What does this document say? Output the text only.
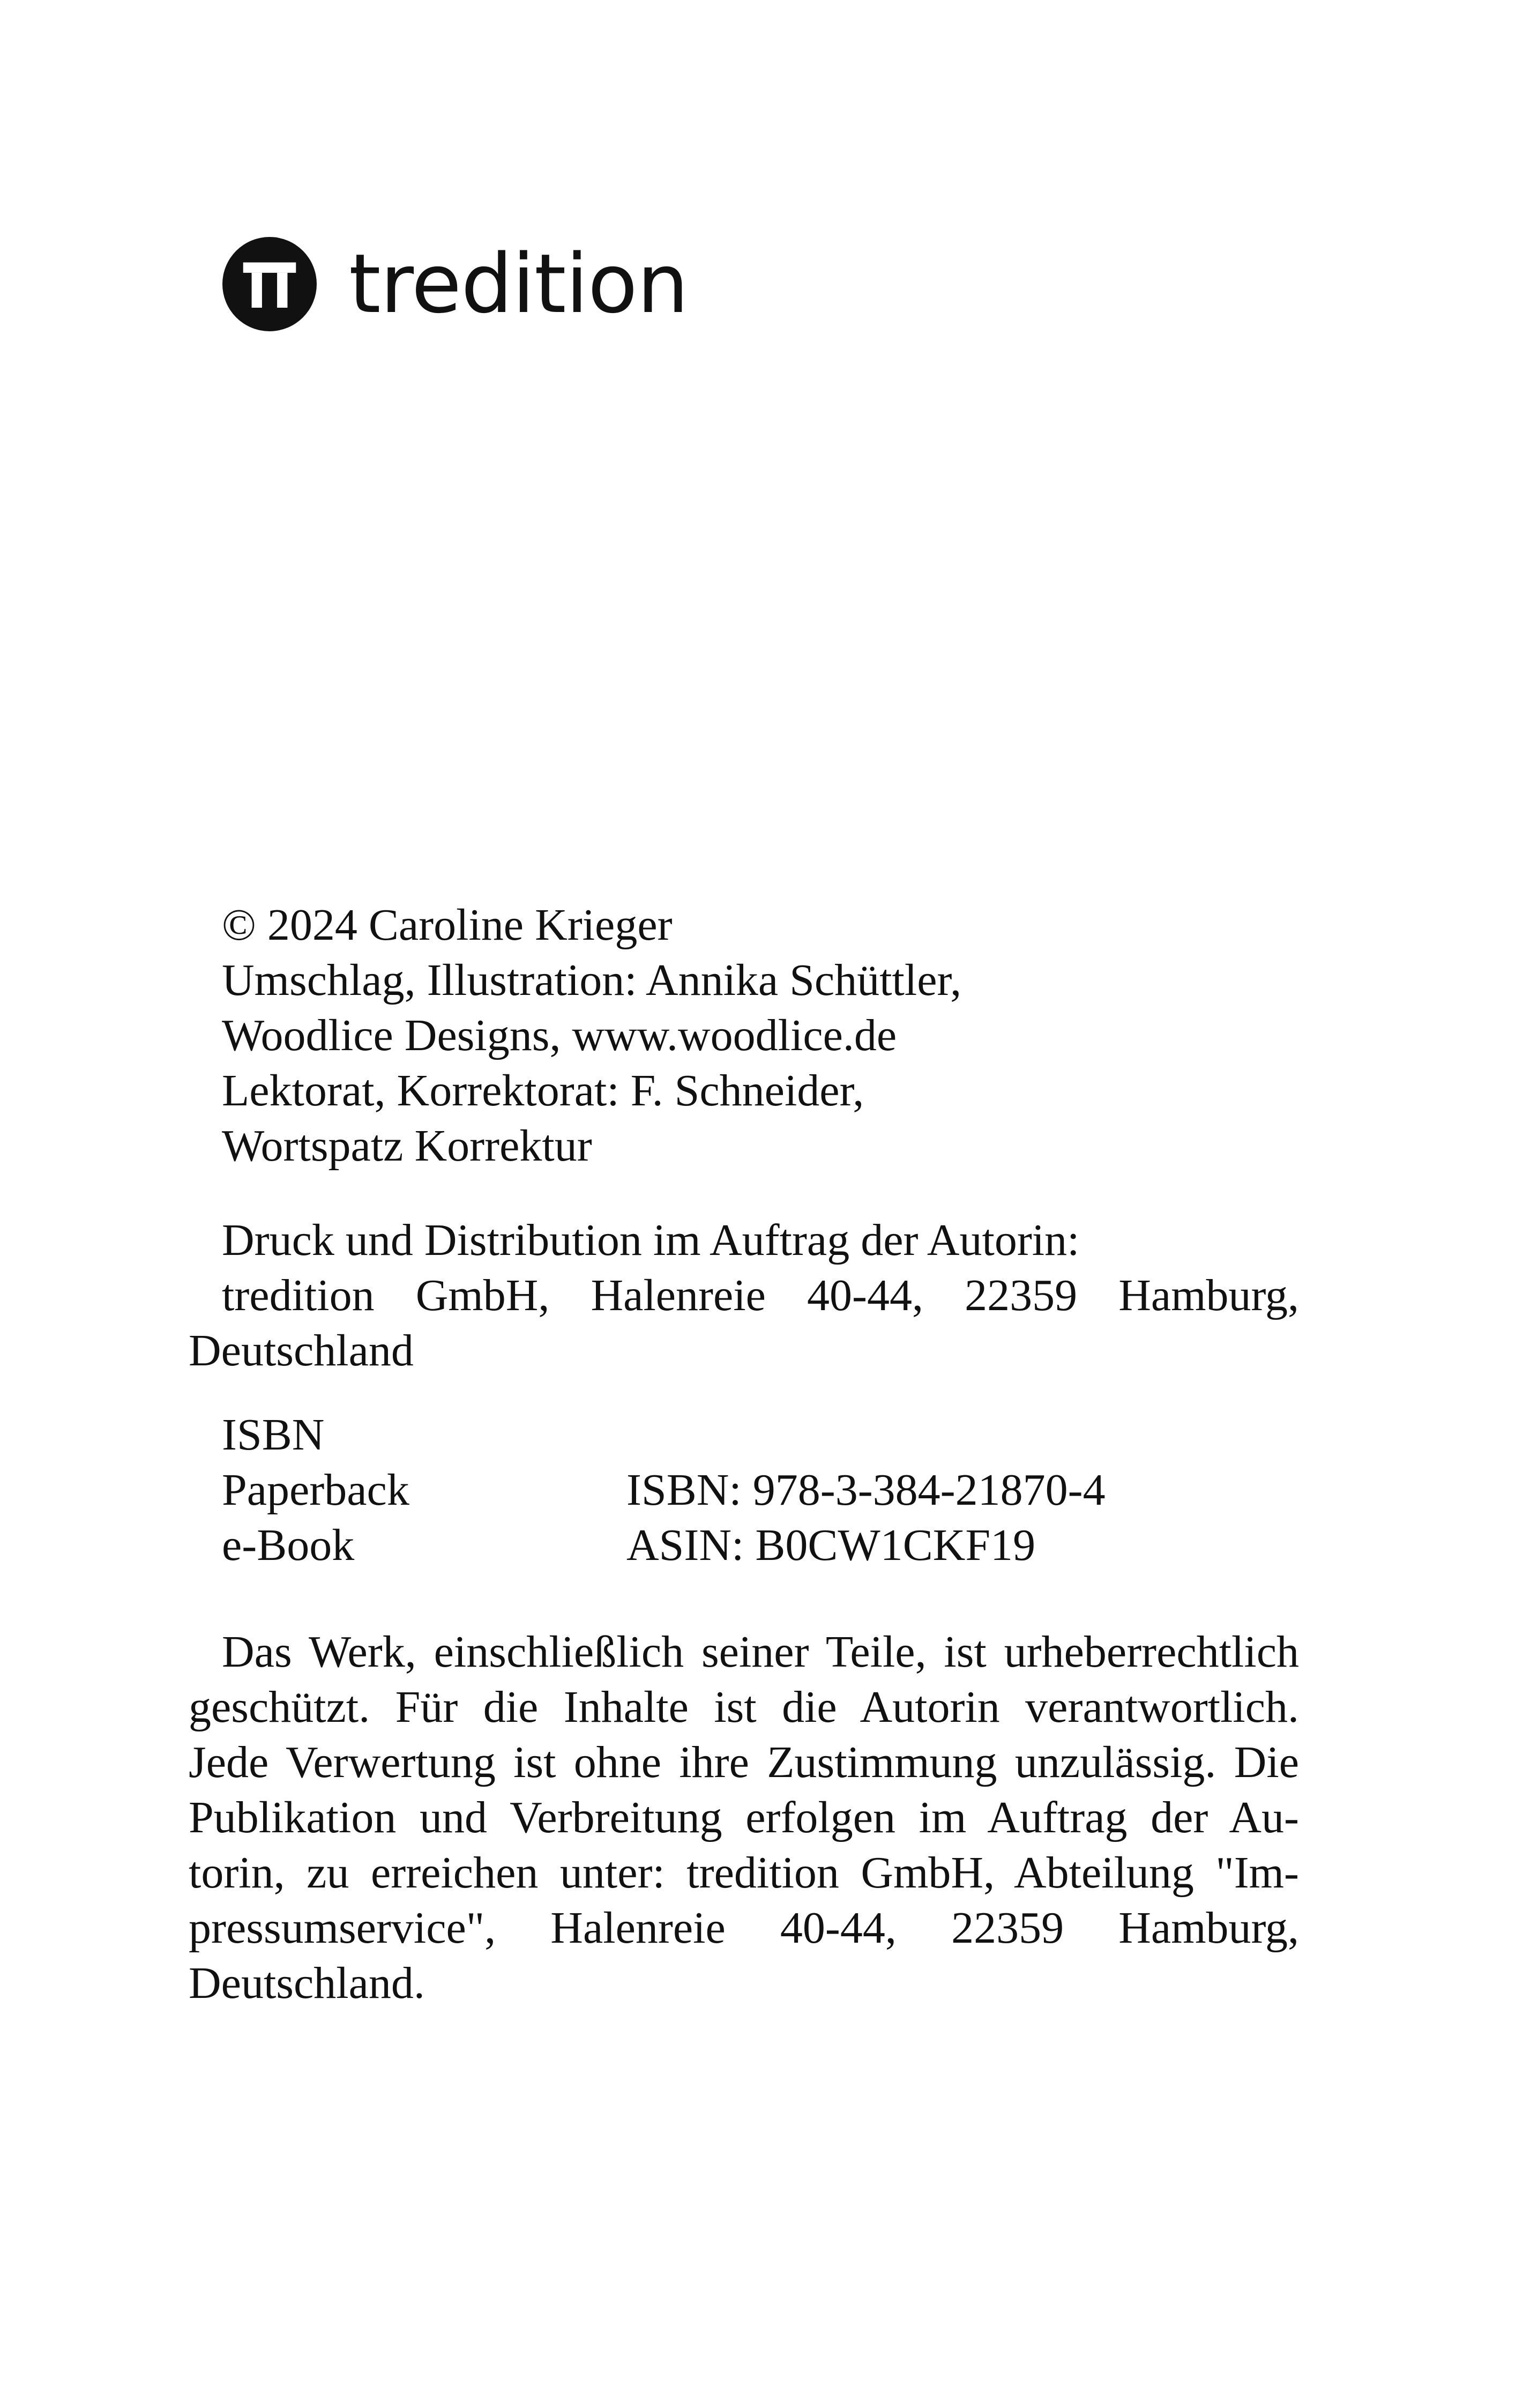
tredition
© 2024 Caroline Krieger
Umschlag, Illustration: Annika Schüttler,
Woodlice Designs, www.woodlice.de
Lektorat, Korrektorat: F. Schneider,
Wortspatz Korrektur
Druck und Distribution im Auftrag der Autorin:
tredition GmbH, Halenreie 40-44, 22359 Hamburg,
Deutschland
ISBN
Paperback	ISBN: 978-3-384-21870-4
e-Book	ASIN: B0CW1CKF19
Das Werk, einschließlich seiner Teile, ist urheberrechtlich
geschützt. Für die Inhalte ist die Autorin verantwortlich.
Jede Verwertung ist ohne ihre Zustimmung unzulässig. Die
Publikation und Verbreitung erfolgen im Auftrag der Au-
torin, zu erreichen unter: tredition GmbH, Abteilung "Im-
pressumservice", Halenreie 40-44, 22359 Hamburg,
Deutschland.
